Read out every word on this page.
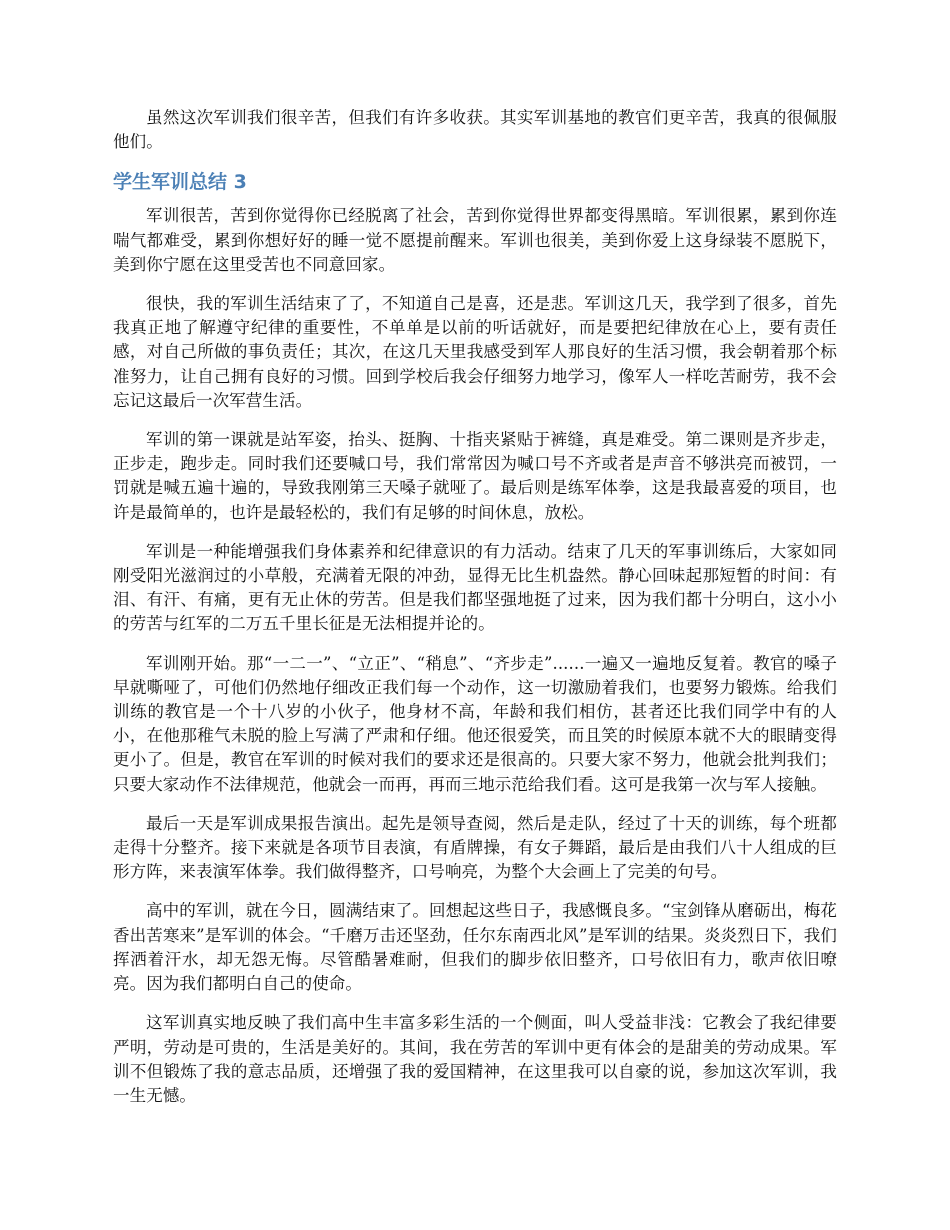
虽然这次军训我们很辛苦，但我们有许多收获。其实军训基地的教官们更辛苦，我真的很佩服他们。

学生军训总结 3

军训很苦，苦到你觉得你已经脱离了社会，苦到你觉得世界都变得黑暗。军训很累，累到你连喘气都难受，累到你想好好的睡一觉不愿提前醒来。军训也很美，美到你爱上这身绿装不愿脱下，美到你宁愿在这里受苦也不同意回家。

很快，我的军训生活结束了了，不知道自己是喜，还是悲。军训这几天，我学到了很多，首先我真正地了解遵守纪律的重要性，不单单是以前的听话就好，而是要把纪律放在心上，要有责任感，对自己所做的事负责任；其次，在这几天里我感受到军人那良好的生活习惯，我会朝着那个标准努力，让自己拥有良好的习惯。回到学校后我会仔细努力地学习，像军人一样吃苦耐劳，我不会忘记这最后一次军营生活。

军训的第一课就是站军姿，抬头、挺胸、十指夹紧贴于裤缝，真是难受。第二课则是齐步走，正步走，跑步走。同时我们还要喊口号，我们常常因为喊口号不齐或者是声音不够洪亮而被罚，一罚就是喊五遍十遍的，导致我刚第三天嗓子就哑了。最后则是练军体拳，这是我最喜爱的项目，也许是最简单的，也许是最轻松的，我们有足够的时间休息，放松。

军训是一种能增强我们身体素养和纪律意识的有力活动。结束了几天的军事训练后，大家如同刚受阳光滋润过的小草般，充满着无限的冲劲，显得无比生机盎然。静心回味起那短暂的时间：有泪、有汗、有痛，更有无止休的劳苦。但是我们都坚强地挺了过来，因为我们都十分明白，这小小的劳苦与红军的二万五千里长征是无法相提并论的。

军训刚开始。那“一二一”、“立正”、“稍息”、“齐步走”......一遍又一遍地反复着。教官的嗓子早就嘶哑了，可他们仍然地仔细改正我们每一个动作，这一切激励着我们，也要努力锻炼。给我们训练的教官是一个十八岁的小伙子，他身材不高，年龄和我们相仿，甚者还比我们同学中有的人小，在他那稚气未脱的脸上写满了严肃和仔细。他还很爱笑，而且笑的时候原本就不大的眼睛变得更小了。但是，教官在军训的时候对我们的要求还是很高的。只要大家不努力，他就会批判我们；只要大家动作不法律规范，他就会一而再，再而三地示范给我们看。这可是我第一次与军人接触。

最后一天是军训成果报告演出。起先是领导查阅，然后是走队，经过了十天的训练，每个班都走得十分整齐。接下来就是各项节目表演，有盾牌操，有女子舞蹈，最后是由我们八十人组成的巨形方阵，来表演军体拳。我们做得整齐，口号响亮，为整个大会画上了完美的句号。

高中的军训，就在今日，圆满结束了。回想起这些日子，我感慨良多。“宝剑锋从磨砺出，梅花香出苦寒来”是军训的体会。“千磨万击还坚劲，任尔东南西北风”是军训的结果。炎炎烈日下，我们挥洒着汗水，却无怨无悔。尽管酷暑难耐，但我们的脚步依旧整齐，口号依旧有力，歌声依旧嘹亮。因为我们都明白自己的使命。

这军训真实地反映了我们高中生丰富多彩生活的一个侧面，叫人受益非浅：它教会了我纪律要严明，劳动是可贵的，生活是美好的。其间，我在劳苦的军训中更有体会的是甜美的劳动成果。军训不但锻炼了我的意志品质，还增强了我的爱国精神，在这里我可以自豪的说，参加这次军训，我一生无憾。
